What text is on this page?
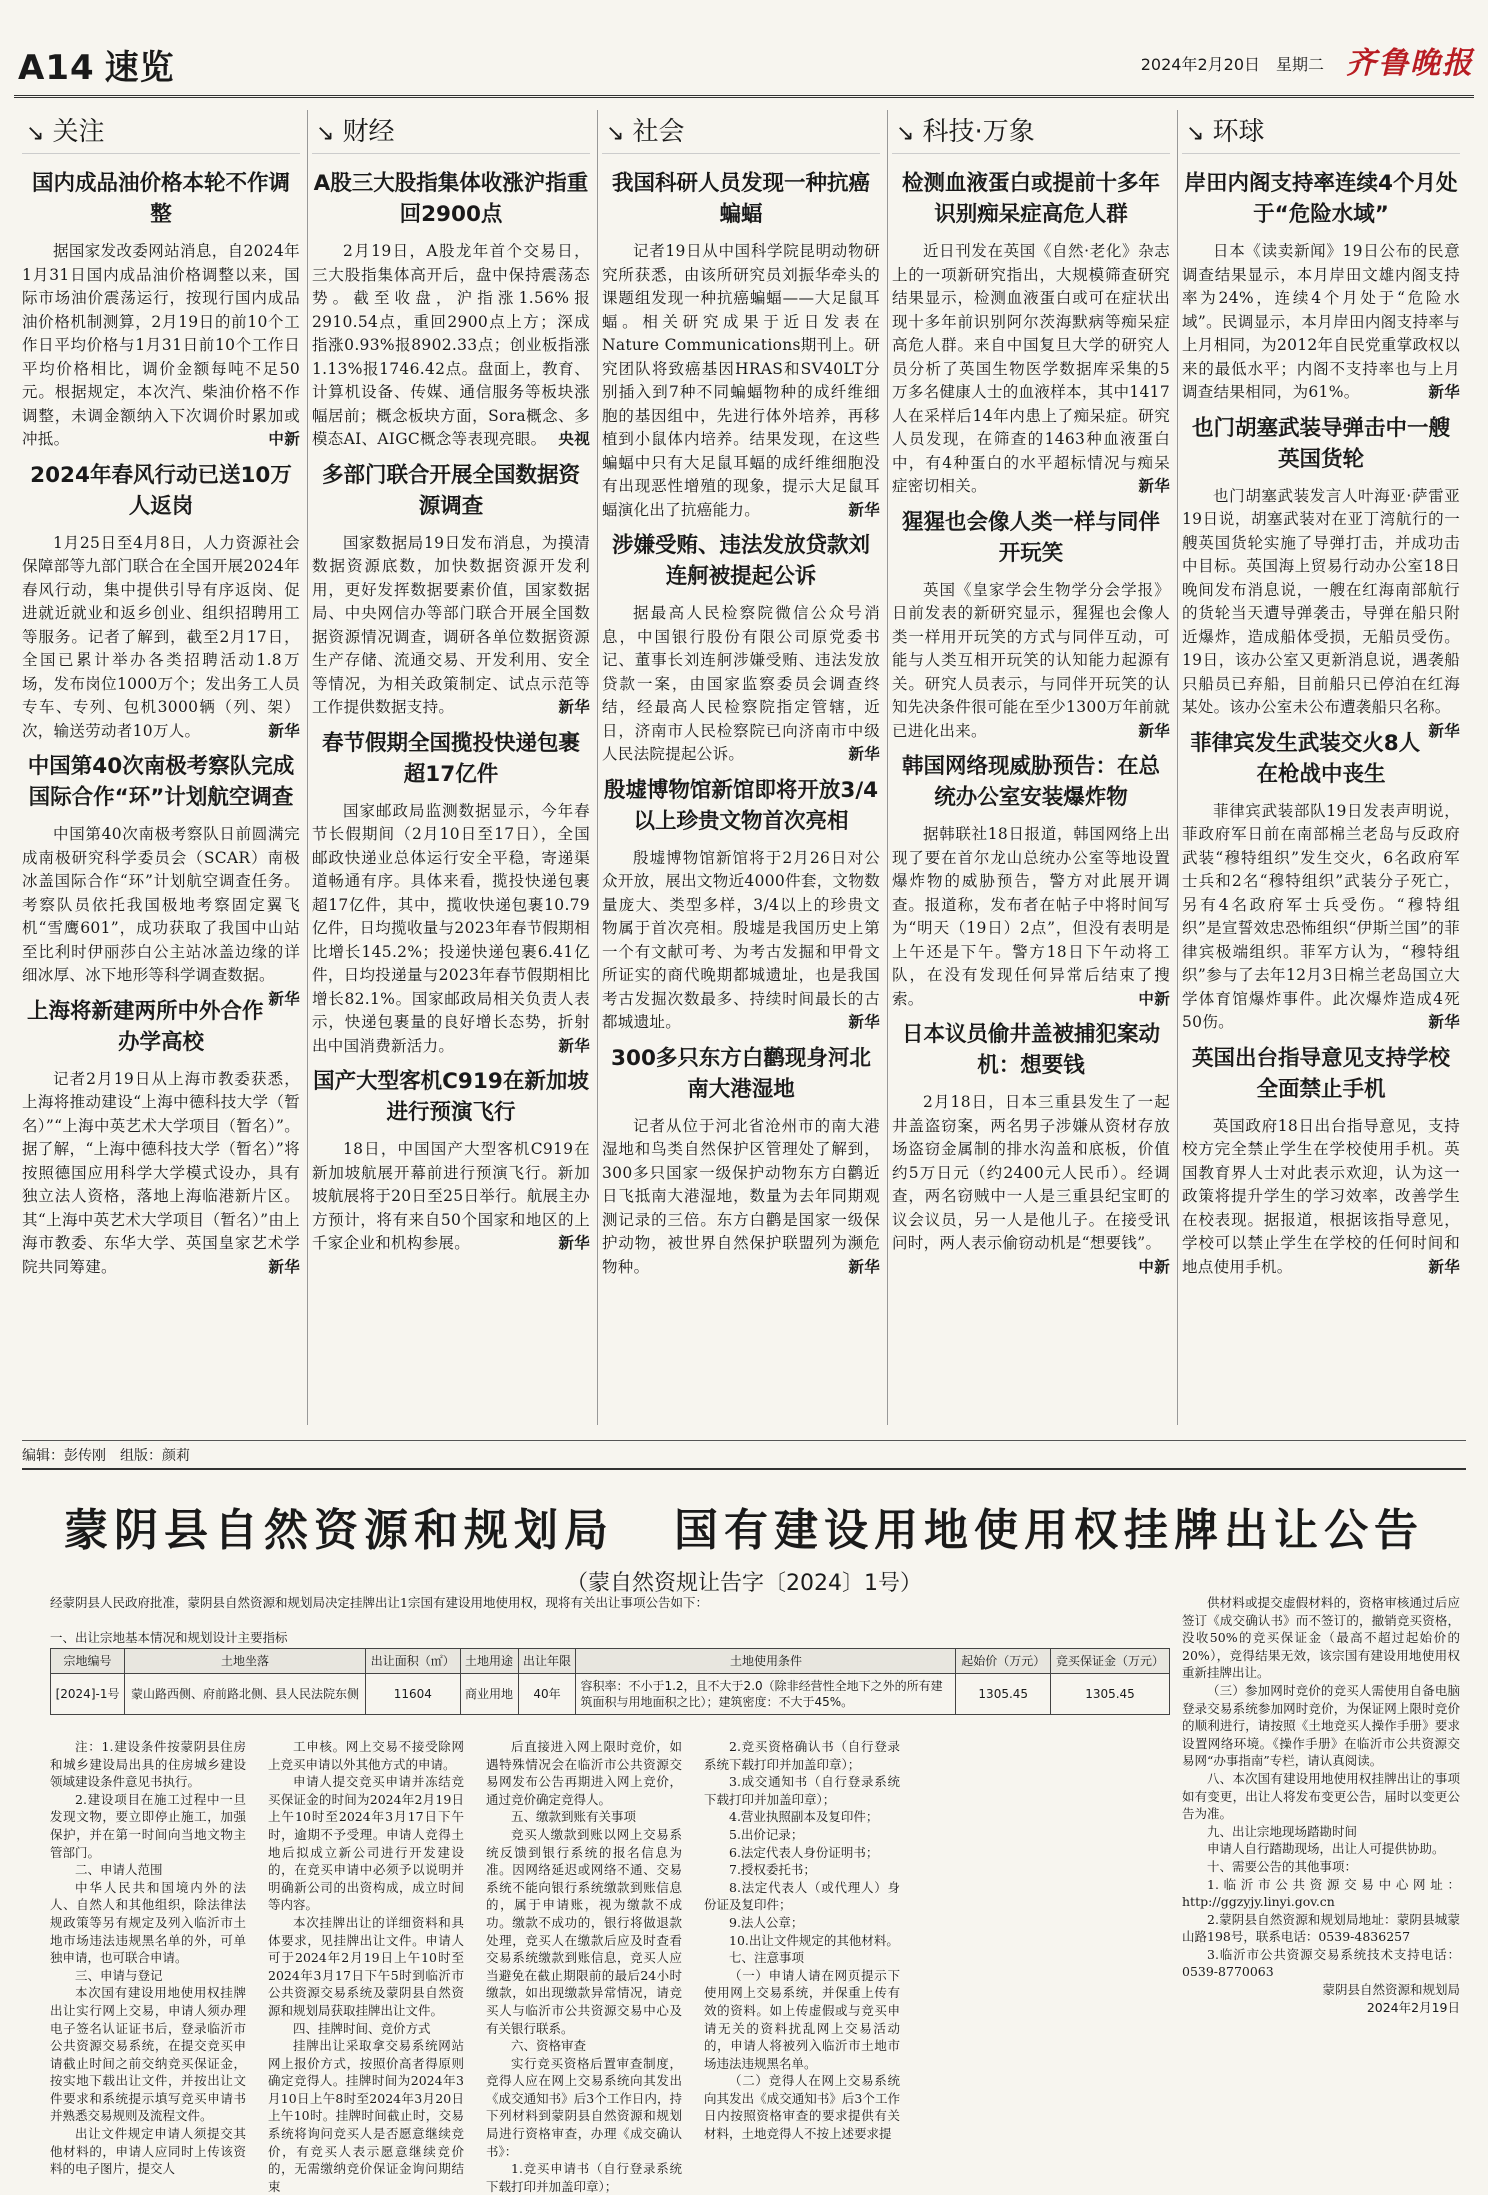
A14 速览	2024年2月20日　星期二 齐鲁晚报
↘ 关注
国内成品油价格本轮不作调整
据国家发改委网站消息，自2024年1月31日国内成品油价格调整以来，国际市场油价震荡运行，按现行国内成品油价格机制测算，2月19日的前10个工作日平均价格与1月31日前10个工作日平均价格相比，调价金额每吨不足50元。根据规定，本次汽、柴油价格不作调整，未调金额纳入下次调价时累加或冲抵。	中新
2024年春风行动已送10万人返岗
1月25日至4月8日，人力资源社会保障部等九部门联合在全国开展2024年春风行动，集中提供引导有序返岗、促进就近就业和返乡创业、组织招聘用工等服务。记者了解到，截至2月17日，全国已累计举办各类招聘活动1.8万场，发布岗位1000万个；发出务工人员专车、专列、包机3000辆（列、架）次，输送劳动者10万人。	新华
中国第40次南极考察队完成国际合作“环”计划航空调查
中国第40次南极考察队日前圆满完成南极研究科学委员会（SCAR）南极冰盖国际合作“环”计划航空调查任务。考察队员依托我国极地考察固定翼飞机“雪鹰601”，成功获取了我国中山站至比利时伊丽莎白公主站冰盖边缘的详细冰厚、冰下地形等科学调查数据。
新华
上海将新建两所中外合作办学高校
记者2月19日从上海市教委获悉，上海将推动建设“上海中德科技大学（暂名）”“上海中英艺术大学项目（暂名）”。据了解，“上海中德科技大学（暂名）”将按照德国应用科学大学模式设办，具有独立法人资格，落地上海临港新片区。其“上海中英艺术大学项目（暂名）”由上海市教委、东华大学、英国皇家艺术学院共同筹建。	新华
↘ 财经
A股三大股指集体收涨沪指重回2900点
2月19日，A股龙年首个交易日，三大股指集体高开后，盘中保持震荡态势。截至收盘，沪指涨1.56%报2910.54点，重回2900点上方；深成指涨0.93%报8902.33点；创业板指涨1.13%报1746.42点。盘面上，教育、计算机设备、传媒、通信服务等板块涨幅居前；概念板块方面，Sora概念、多模态AI、AIGC概念等表现亮眼。 央视
多部门联合开展全国数据资源调查
国家数据局19日发布消息，为摸清数据资源底数，加快数据资源开发利用，更好发挥数据要素价值，国家数据局、中央网信办等部门联合开展全国数据资源情况调查，调研各单位数据资源生产存储、流通交易、开发利用、安全等情况，为相关政策制定、试点示范等工作提供数据支持。	新华
春节假期全国揽投快递包裹超17亿件
国家邮政局监测数据显示，今年春节长假期间（2月10日至17日），全国邮政快递业总体运行安全平稳，寄递渠道畅通有序。具体来看，揽投快递包裹超17亿件，其中，揽收快递包裹10.79亿件，日均揽收量与2023年春节假期相比增长145.2%；投递快递包裹6.41亿件，日均投递量与2023年春节假期相比增长82.1%。国家邮政局相关负责人表示，快递包裹量的良好增长态势，折射出中国消费新活力。	新华
国产大型客机C919在新加坡进行预演飞行
18日，中国国产大型客机C919在新加坡航展开幕前进行预演飞行。新加坡航展将于20日至25日举行。航展主办方预计，将有来自50个国家和地区的上千家企业和机构参展。	新华
↘ 社会
我国科研人员发现一种抗癌蝙蝠
记者19日从中国科学院昆明动物研究所获悉，由该所研究员刘振华牵头的课题组发现一种抗癌蝙蝠——大足鼠耳蝠。相关研究成果于近日发表在Nature Communications期刊上。研究团队将致癌基因HRAS和SV40LT分别插入到7种不同蝙蝠物种的成纤维细胞的基因组中，先进行体外培养，再移植到小鼠体内培养。结果发现，在这些蝙蝠中只有大足鼠耳蝠的成纤维细胞没有出现恶性增殖的现象，提示大足鼠耳蝠演化出了抗癌能力。	新华
涉嫌受贿、违法发放贷款刘连舸被提起公诉
据最高人民检察院微信公众号消息，中国银行股份有限公司原党委书记、董事长刘连舸涉嫌受贿、违法发放贷款一案，由国家监察委员会调查终结，经最高人民检察院指定管辖，近日，济南市人民检察院已向济南市中级人民法院提起公诉。	新华
殷墟博物馆新馆即将开放3/4以上珍贵文物首次亮相
殷墟博物馆新馆将于2月26日对公众开放，展出文物近4000件套，文物数量庞大、类型多样，3/4以上的珍贵文物属于首次亮相。殷墟是我国历史上第一个有文献可考、为考古发掘和甲骨文所证实的商代晚期都城遗址，也是我国考古发掘次数最多、持续时间最长的古都城遗址。	新华
300多只东方白鹳现身河北南大港湿地
记者从位于河北省沧州市的南大港湿地和鸟类自然保护区管理处了解到，300多只国家一级保护动物东方白鹳近日飞抵南大港湿地，数量为去年同期观测记录的三倍。东方白鹳是国家一级保护动物，被世界自然保护联盟列为濒危物种。	新华
↘ 科技·万象
检测血液蛋白或提前十多年识别痴呆症高危人群
近日刊发在英国《自然·老化》杂志上的一项新研究指出，大规模筛查研究结果显示，检测血液蛋白或可在症状出现十多年前识别阿尔茨海默病等痴呆症高危人群。来自中国复旦大学的研究人员分析了英国生物医学数据库采集的5万多名健康人士的血液样本，其中1417人在采样后14年内患上了痴呆症。研究人员发现，在筛查的1463种血液蛋白中，有4种蛋白的水平超标情况与痴呆症密切相关。	新华
猩猩也会像人类一样与同伴开玩笑
英国《皇家学会生物学分会学报》日前发表的新研究显示，猩猩也会像人类一样用开玩笑的方式与同伴互动，可能与人类互相开玩笑的认知能力起源有关。研究人员表示，与同伴开玩笑的认知先决条件很可能在至少1300万年前就已进化出来。	新华
韩国网络现威胁预告：在总统办公室安装爆炸物
据韩联社18日报道，韩国网络上出现了要在首尔龙山总统办公室等地设置爆炸物的威胁预告，警方对此展开调查。报道称，发布者在帖子中将时间写为“明天（19日）2点”，但没有表明是上午还是下午。警方18日下午动将工队，在没有发现任何异常后结束了搜索。	中新
日本议员偷井盖被捕犯案动机：想要钱
2月18日，日本三重县发生了一起井盖盗窃案，两名男子涉嫌从资材存放场盗窃金属制的排水沟盖和底板，价值约5万日元（约2400元人民币）。经调查，两名窃贼中一人是三重县纪宝町的议会议员，另一人是他儿子。在接受讯问时，两人表示偷窃动机是“想要钱”。
中新
↘ 环球
岸田内阁支持率连续4个月处于“危险水域”
日本《读卖新闻》19日公布的民意调查结果显示，本月岸田文雄内阁支持率为24%，连续4个月处于“危险水域”。民调显示，本月岸田内阁支持率与上月相同，为2012年自民党重掌政权以来的最低水平；内阁不支持率也与上月调查结果相同，为61%。	新华
也门胡塞武装导弹击中一艘英国货轮
也门胡塞武装发言人叶海亚·萨雷亚19日说，胡塞武装对在亚丁湾航行的一艘英国货轮实施了导弹打击，并成功击中目标。英国海上贸易行动办公室18日晚间发布消息说，一艘在红海南部航行的货轮当天遭导弹袭击，导弹在船只附近爆炸，造成船体受损，无船员受伤。19日，该办公室又更新消息说，遇袭船只船员已弃船，目前船只已停泊在红海某处。该办公室未公布遭袭船只名称。
新华
菲律宾发生武装交火8人在枪战中丧生
菲律宾武装部队19日发表声明说，菲政府军日前在南部棉兰老岛与反政府武装“穆特组织”发生交火，6名政府军士兵和2名“穆特组织”武装分子死亡，另有4名政府军士兵受伤。“穆特组织”是宣誓效忠恐怖组织“伊斯兰国”的菲律宾极端组织。菲军方认为，“穆特组织”参与了去年12月3日棉兰老岛国立大学体育馆爆炸事件。此次爆炸造成4死50伤。	新华
英国出台指导意见支持学校全面禁止手机
英国政府18日出台指导意见，支持校方完全禁止学生在学校使用手机。英国教育界人士对此表示欢迎，认为这一政策将提升学生的学习效率，改善学生在校表现。据报道，根据该指导意见，学校可以禁止学生在学校的任何时间和地点使用手机。	新华
编辑：彭传刚　组版：颜莉
蒙阴县自然资源和规划局 国有建设用地使用权挂牌出让公告
（蒙自然资规让告字〔2024〕1号）
经蒙阴县人民政府批准，蒙阴县自然资源和规划局决定挂牌出让1宗国有建设用地使用权，现将有关出让事项公告如下：
一、出让宗地基本情况和规划设计主要指标
宗地编号	土地坐落	出让面积（㎡）	土地用途	出让年限	土地使用条件	起始价（万元）	竞买保证金（万元）
[2024]-1号	蒙山路西侧、府前路北侧、县人民法院东侧	11604	商业用地	40年	容积率：不小于1.2，且不大于2.0（除非经营性全地下之外的所有建筑面积与用地面积之比）；建筑密度：不大于45%。	1305.45	1305.45

注：1.建设条件按蒙阴县住房和城乡建设局出具的住房城乡建设领域建设条件意见书执行。

2.建设项目在施工过程中一旦发现文物，要立即停止施工，加强保护，并在第一时间向当地文物主管部门。

二、申请人范围

中华人民共和国境内外的法人、自然人和其他组织，除法律法规政策等另有规定及列入临沂市土地市场违法违规黑名单的外，可单独申请，也可联合申请。

三、申请与登记

本次国有建设用地使用权挂牌出让实行网上交易，申请人须办理电子签名认证证书后，登录临沂市公共资源交易系统，在提交竞买申请截止时间之前交纳竞买保证金，按实地下载出让文件，并按出让文件要求和系统提示填写竞买申请书并熟悉交易规则及流程文件。

出让文件规定申请人须提交其他材料的，申请人应同时上传该资料的电子图片，提交人

工申核。网上交易不接受除网上竞买申请以外其他方式的申请。

申请人提交竞买申请并冻结竞买保证金的时间为2024年2月19日上午10时至2024年3月17日下午时，逾期不予受理。申请人竞得土地后拟成立新公司进行开发建设的，在竞买申请中必须予以说明并明确新公司的出资构成，成立时间等内容。

本次挂牌出让的详细资料和具体要求，见挂牌出让文件。申请人可于2024年2月19日上午10时至2024年3月17日下午5时到临沂市公共资源交易系统及蒙阴县自然资源和规划局获取挂牌出让文件。

四、挂牌时间、竞价方式

挂牌出让采取拿交易系统网站网上报价方式，按照价高者得原则确定竞得人。挂牌时间为2024年3月10日上午8时至2024年3月20日上午10时。挂牌时间截止时，交易系统将询问竞买人是否愿意继续竞价，有竞买人表示愿意继续竞价的，无需缴纳竞价保证金询问期结束

后直接进入网上限时竞价，如遇特殊情况会在临沂市公共资源交易网发布公告再期进入网上竞价，通过竞价确定竞得人。

五、缴款到账有关事项

竞买人缴款到账以网上交易系统反馈到银行系统的报名信息为准。因网络延迟或网络不通、交易系统不能向银行系统缴款到账信息的，属于申请账，视为缴款不成功。缴款不成功的，银行将做退款处理，竞买人在缴款后应及时查看交易系统缴款到账信息，竞买人应当避免在截止期限前的最后24小时缴款，如出现缴款异常情况，请竞买人与临沂市公共资源交易中心及有关银行联系。

六、资格审查

实行竞买资格后置审查制度，竞得人应在网上交易系统向其发出《成交通知书》后3个工作日内，持下列材料到蒙阴县自然资源和规划局进行资格审查，办理《成交确认书》：

1.竞买申请书（自行登录系统下载打印并加盖印章）；

2.竞买资格确认书（自行登录系统下载打印并加盖印章）；

3.成交通知书（自行登录系统下载打印并加盖印章）；

4.营业执照副本及复印件；

5.出价记录；

6.法定代表人身份证明书；

7.授权委托书；

8.法定代表人（或代理人）身份证及复印件；

9.法人公章；

10.出让文件规定的其他材料。

七、注意事项

（一）申请人请在网页提示下使用网上交易系统，并保重上传有效的资料。如上传虚假或与竞买申请无关的资料扰乱网上交易活动的，申请人将被列入临沂市土地市场违法违规黑名单。

（二）竞得人在网上交易系统向其发出《成交通知书》后3个工作日内按照资格审查的要求提供有关材料，土地竞得人不按上述要求提

供材料或提交虚假材料的，资格审核通过后应签订《成交确认书》而不签订的，撤销竞买资格，没收50%的竞买保证金（最高不超过起始价的20%），竞得结果无效，该宗国有建设用地使用权重新挂牌出让。

（三）参加网时竞价的竞买人需使用自备电脑登录交易系统参加网时竞价，为保证网上限时竞价的顺利进行，请按照《土地竞买人操作手册》要求设置网络环境。《操作手册》在临沂市公共资源交易网“办事指南”专栏，请认真阅读。

八、本次国有建设用地使用权挂牌出让的事项如有变更，出让人将发布变更公告，届时以变更公告为准。

九、出让宗地现场踏勘时间

申请人自行踏勘现场，出让人可提供协助。

十、需要公告的其他事项：

1.临沂市公共资源交易中心网址：http://ggzyjy.linyi.gov.cn

2.蒙阴县自然资源和规划局地址：蒙阴县城蒙山路198号，联系电话：0539-4836257

3.临沂市公共资源交易系统技术支持电话：0539-8770063

蒙阴县自然资源和规划局
2024年2月19日
